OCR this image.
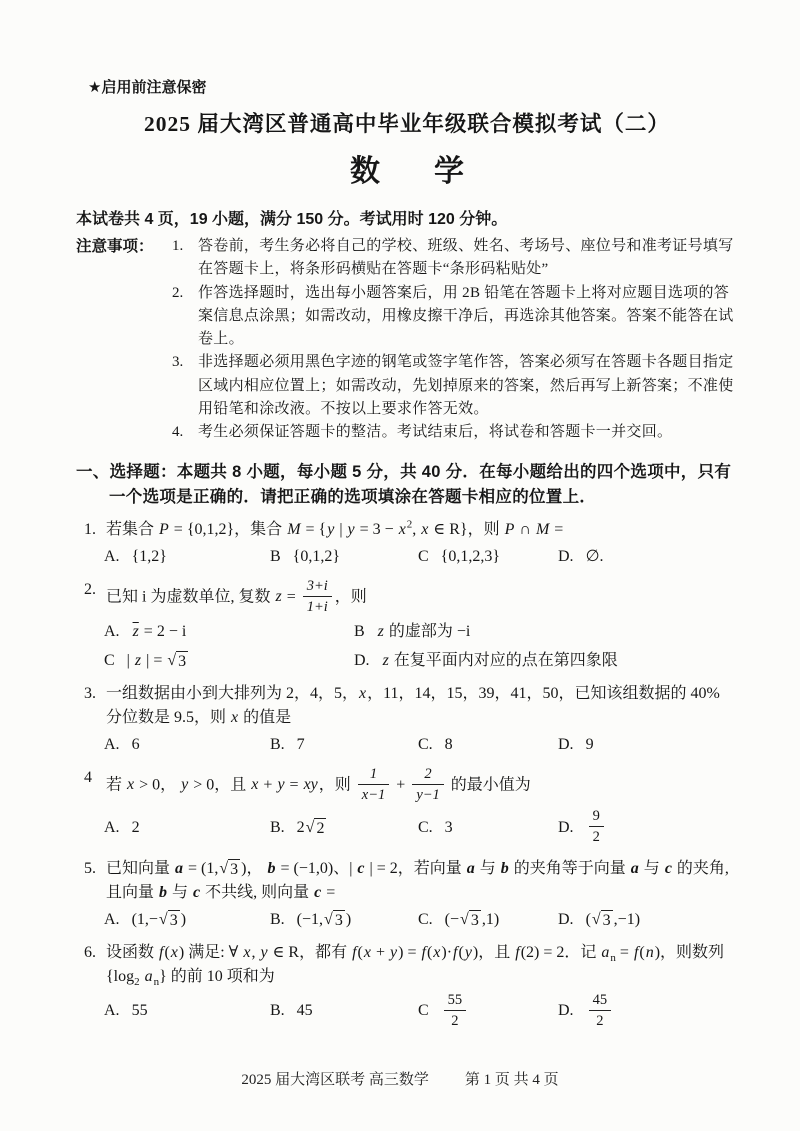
★启用前注意保密
2025 届大湾区普通高中毕业年级联合模拟考试（二）
数　学

本试卷共 4 页，19 小题，满分 150 分。考试用时 120 分钟。

注意事项：	1. 答卷前，考生务必将自己的学校、班级、姓名、考场号、座位号和准考证号填写在答题卡上，将条形码横贴在答题卡“条形码粘贴处”
2. 作答选择题时，选出每小题答案后，用 2B 铅笔在答题卡上将对应题目选项的答案信息点涂黑；如需改动，用橡皮擦干净后，再选涂其他答案。答案不能答在试卷上。
3. 非选择题必须用黑色字迹的钢笔或签字笔作答，答案必须写在答题卡各题目指定区域内相应位置上；如需改动，先划掉原来的答案，然后再写上新答案；不准使用铅笔和涂改液。不按以上要求作答无效。
4. 考生必须保证答题卡的整洁。考试结束后，将试卷和答题卡一并交回。

一、选择题：本题共 8 小题，每小题 5 分，共 40 分．在每小题给出的四个选项中，只有一个选项是正确的．请把正确的选项填涂在答题卡相应的位置上．

1. 若集合 P = {0,1,2}，集合 M = {y | $y = 3 - x^2$, x ∈ R}，则 P ∩ M =
A. {1,2}	B {0,1,2}	C {0,1,2,3}	D. ∅.
2. 已知 i 为虚数单位, 复数 $z = \frac{3+i}{1+i}$ ，则
A. $\overline{z} = 2 - i$	B z 的虚部为 −i
C | z | = √ 3	D. z 在复平面内对应的点在第四象限
3. 一组数据由小到大排列为 2，4，5，x，11，14，15，39，41，50，已知该组数据的 40% 分位数是 9.5，则 x 的值是
A. 6	B. 7	C. 8	D. 9
4 若 x > 0， y > 0，且 x + y = xy，则 $\frac{1}{x-1} + \frac{2}{y-1}$ 的最小值为
A. 2	B. 2 √ 2	C. 3	D. $\frac{9}{2}$
5. 已知向量 a = (1, √ 3 )， b = (−1,0)、| c | = 2，若向量 a 与 b 的夹角等于向量 a 与 c 的夹角, 且向量 b 与 c 不共线, 则向量 c =
A. (1,− √ 3 )	B. (−1, √ 3 )	C. (− √ 3 ,1)	D. ( √ 3 ,−1)
6. 设函数 f(x) 满足: ∀ x, y ∈ R，都有 f(x + y) = f(x)·f(y)，且 f(2) = 2．记 $a_n = f(n)$，则数列 {$\log_2$ $a_n$} 的前 10 项和为
A. 55	B. 45	C $\frac{55}{2}$	D. $\frac{45}{2}$
2025 届大湾区联考 高三数学 第 1 页 共 4 页
